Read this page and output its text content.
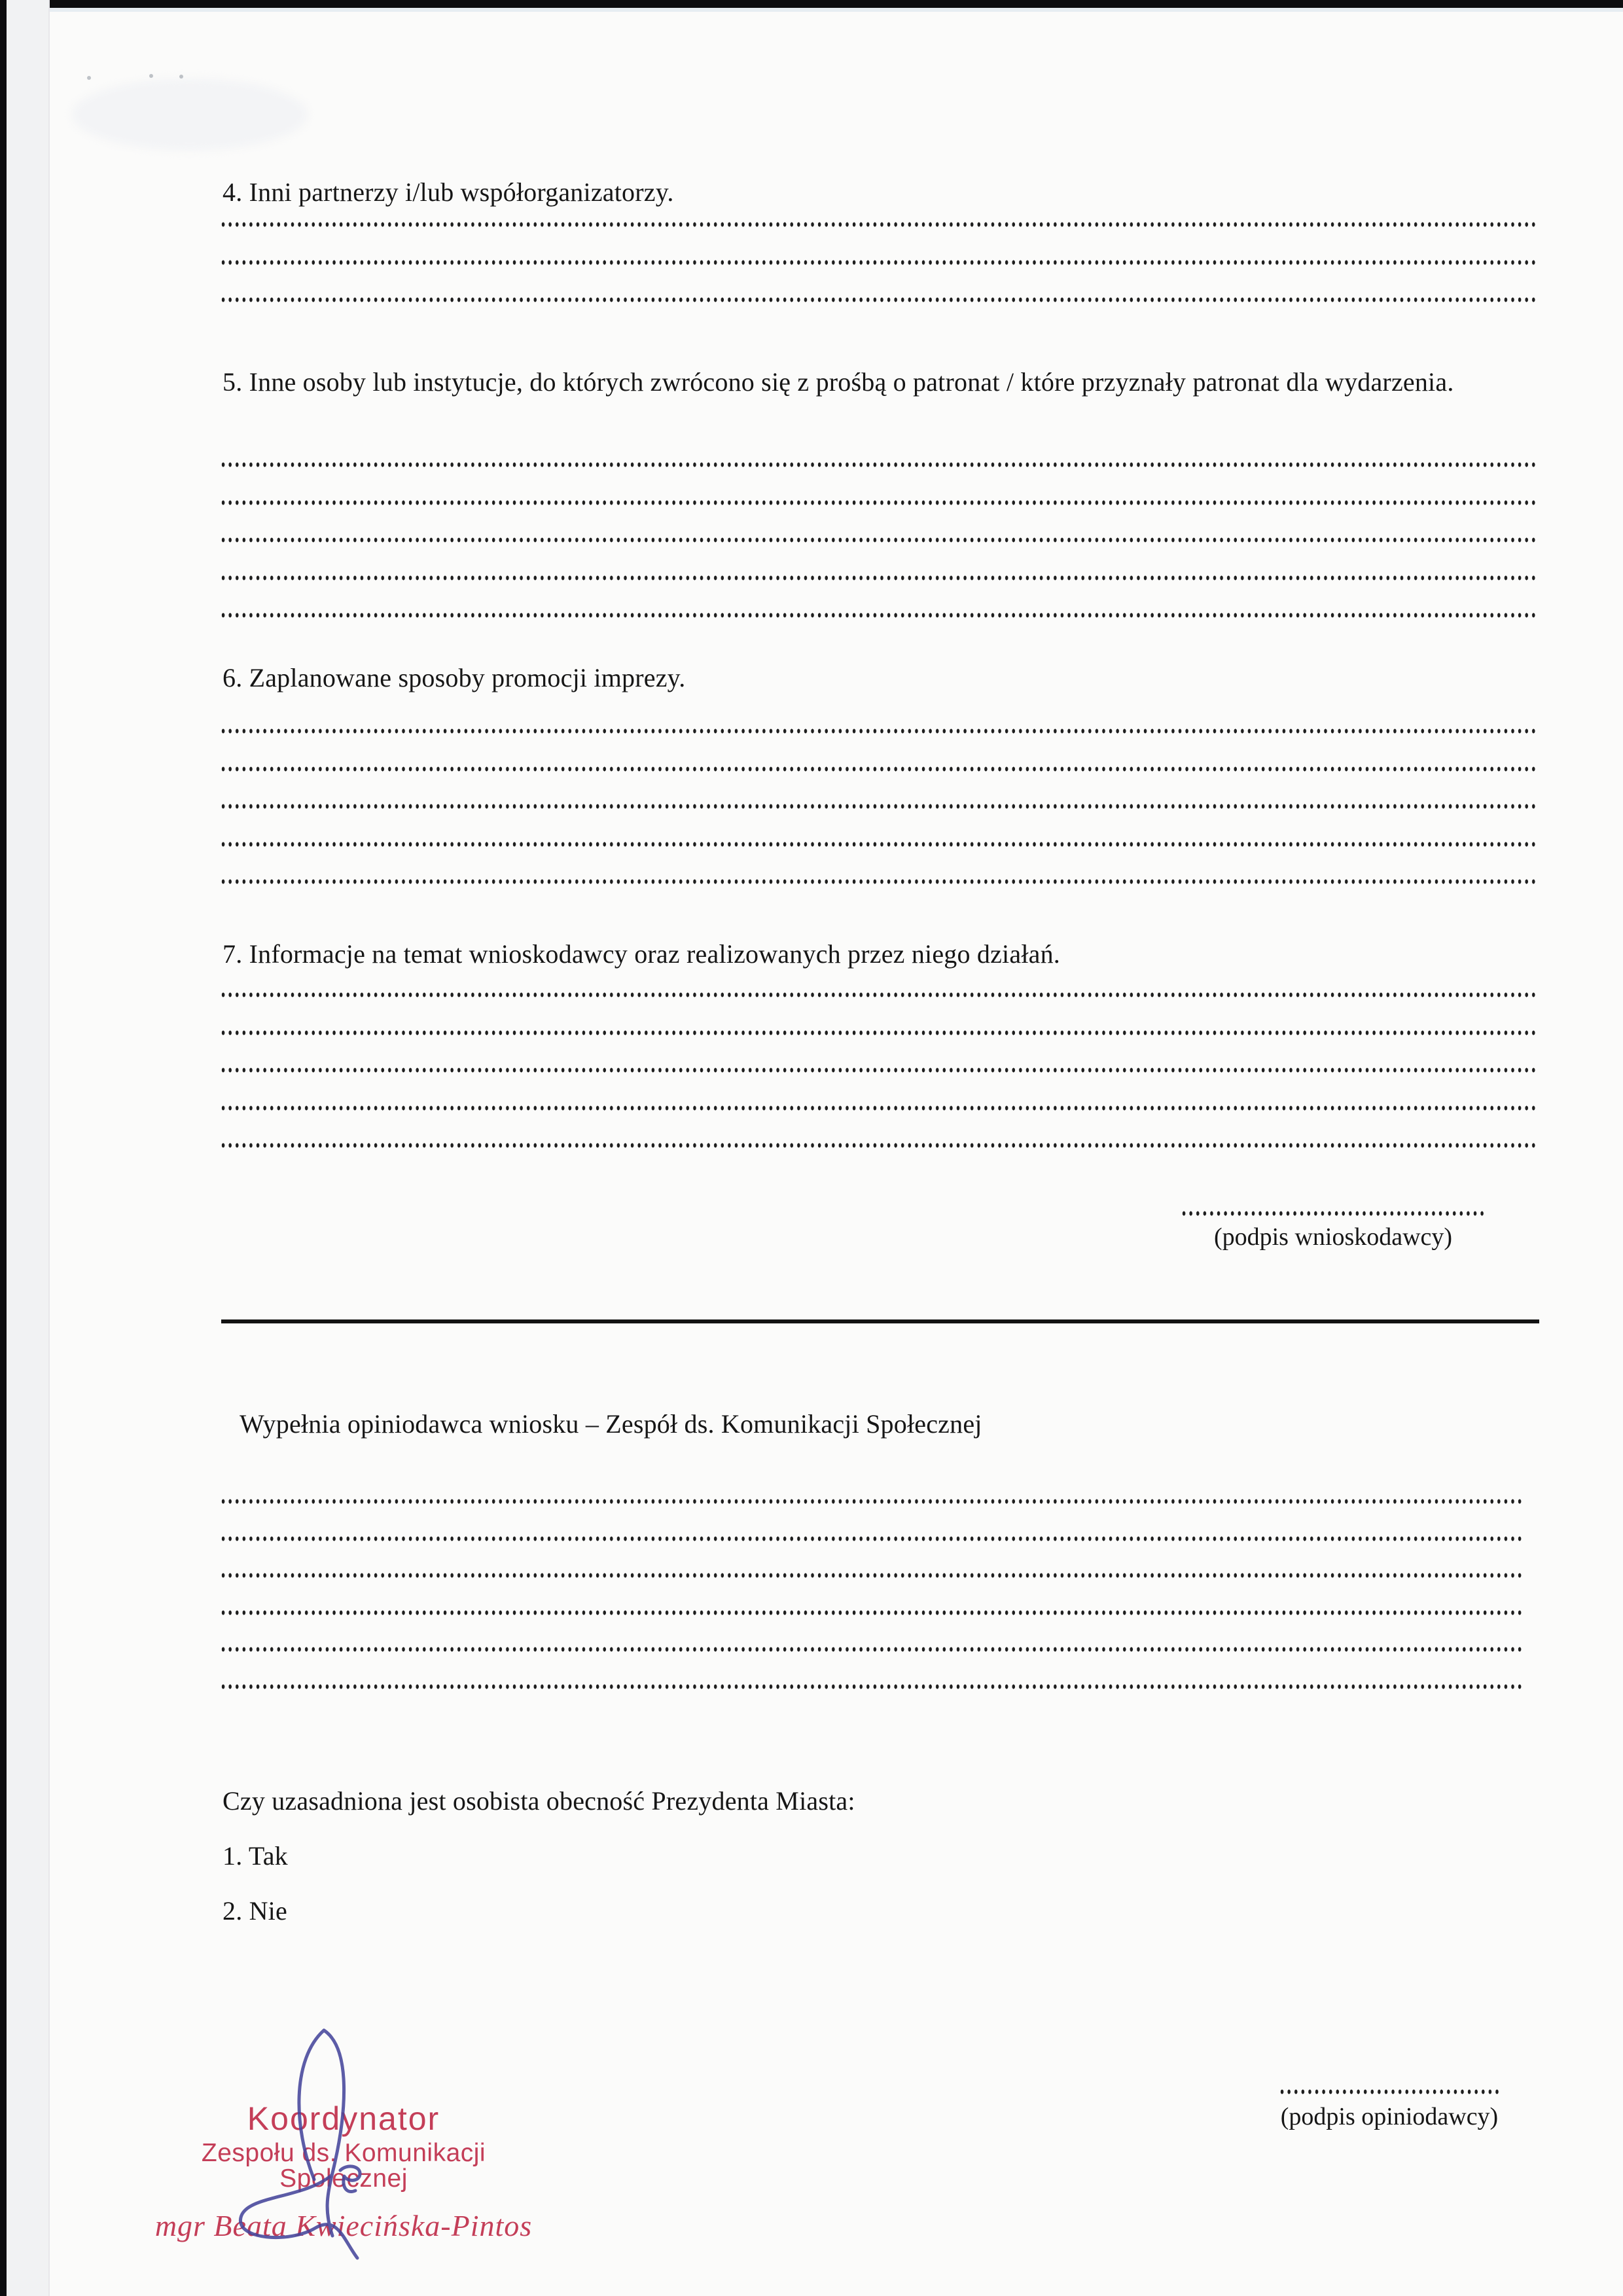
4. Inni partnerzy i/lub współorganizatorzy.
5. Inne osoby lub instytucje, do których zwrócono się z prośbą o patronat / które przyznały patronat dla wydarzenia.
6. Zaplanowane sposoby promocji imprezy.
7. Informacje na temat wnioskodawcy oraz realizowanych przez niego działań.
(podpis wnioskodawcy)
Wypełnia opiniodawca wniosku – Zespół ds. Komunikacji Społecznej
Czy uzasadniona jest osobista obecność Prezydenta Miasta:
1. Tak
2. Nie
Koordynator
Zespołu ds. Komunikacji Społecznej
mgr Beata Kwiecińska-Pintos
(podpis opiniodawcy)
